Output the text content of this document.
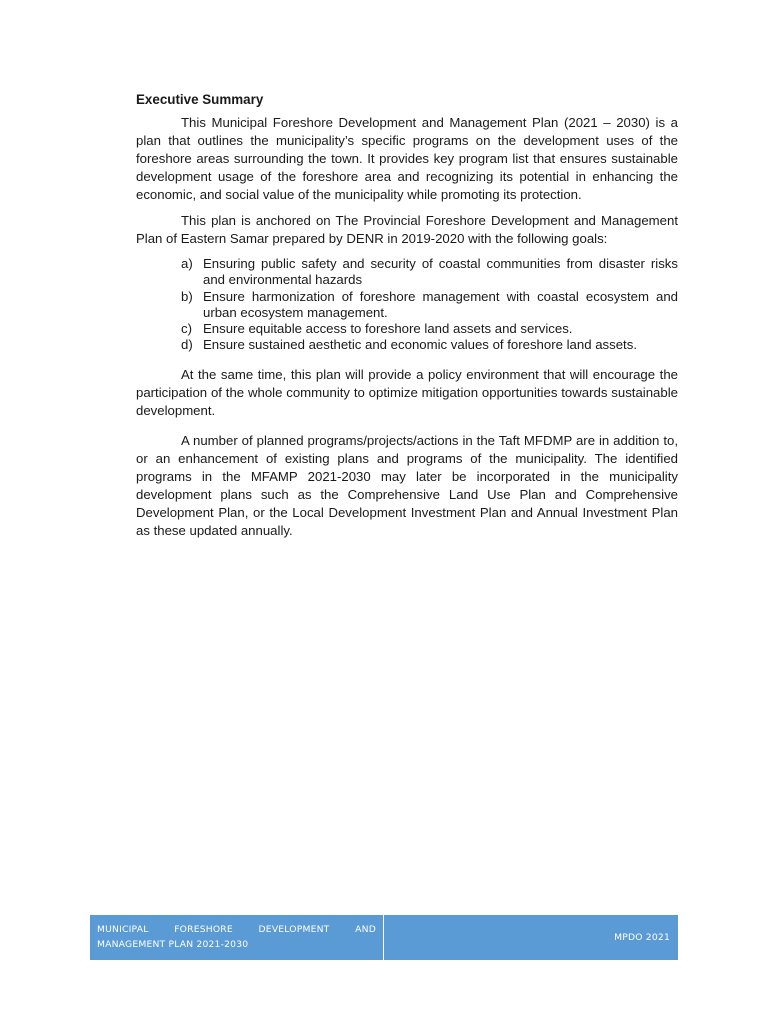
Executive Summary

This Municipal Foreshore Development and Management Plan (2021 – 2030) is a plan that outlines the municipality’s specific programs on the development uses of the foreshore areas surrounding the town. It provides key program list that ensures sustainable development usage of the foreshore area and recognizing its potential in enhancing the economic, and social value of the municipality while promoting its protection.

This plan is anchored on The Provincial Foreshore Development and Management Plan of Eastern Samar prepared by DENR in 2019-2020 with the following goals:

a) Ensuring public safety and security of coastal communities from disaster risks and environmental hazards
b) Ensure harmonization of foreshore management with coastal ecosystem and urban ecosystem management.
c) Ensure equitable access to foreshore land assets and services.
d) Ensure sustained aesthetic and economic values of foreshore land assets.

At the same time, this plan will provide a policy environment that will encourage the participation of the whole community to optimize mitigation opportunities towards sustainable development.

A number of planned programs/projects/actions in the Taft MFDMP are in addition to, or an enhancement of existing plans and programs of the municipality. The identified programs in the MFAMP 2021-2030 may later be incorporated in the municipality development plans such as the Comprehensive Land Use Plan and Comprehensive Development Plan, or the Local Development Investment Plan and Annual Investment Plan as these updated annually.

MUNICIPAL FORESHORE DEVELOPMENT AND MANAGEMENT PLAN 2021-2030
MPDO 2021
